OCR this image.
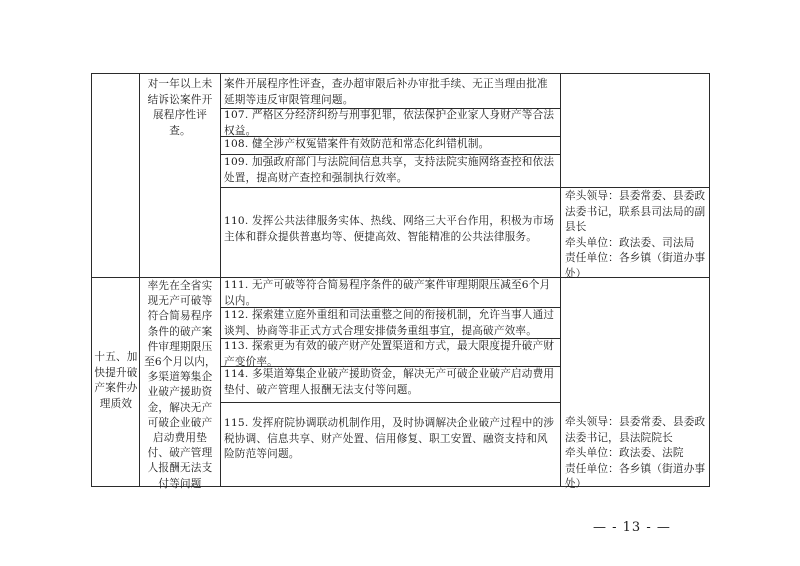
对一年以上未结诉讼案件开展程序性评查。
案件开展程序性评查，查办超审限后补办审批手续、无正当理由批准延期等违反审限管理问题。
107. 严格区分经济纠纷与刑事犯罪，依法保护企业家人身财产等合法权益。
108. 健全涉产权冤错案件有效防范和常态化纠错机制。
109. 加强政府部门与法院间信息共享，支持法院实施网络查控和依法处置，提高财产查控和强制执行效率。
110. 发挥公共法律服务实体、热线、网络三大平台作用，积极为市场主体和群众提供普惠均等、便捷高效、智能精准的公共法律服务。
牵头领导：县委常委、县委政法委书记，联系县司法局的副县长
牵头单位：政法委、司法局
责任单位：各乡镇（街道办事处）
十五、加快提升破产案件办理质效
率先在全省实现无产可破等符合简易程序条件的破产案件审理期限压至6个月以内，多渠道筹集企业破产援助资金，解决无产可破企业破产启动费用垫付、破产管理人报酬无法支付等问题
111. 无产可破等符合简易程序条件的破产案件审理期限压减至6个月以内。
112. 探索建立庭外重组和司法重整之间的衔接机制，允许当事人通过谈判、协商等非正式方式合理安排债务重组事宜，提高破产效率。
113. 探索更为有效的破产财产处置渠道和方式，最大限度提升破产财产变价率。
114. 多渠道筹集企业破产援助资金，解决无产可破企业破产启动费用垫付、破产管理人报酬无法支付等问题。
115. 发挥府院协调联动机制作用，及时协调解决企业破产过程中的涉税协调、信息共享、财产处置、信用修复、职工安置、融资支持和风险防范等问题。
牵头领导：县委常委、县委政法委书记，县法院院长
牵头单位：政法委、法院
责任单位：各乡镇（街道办事处）
— - 13 - —
